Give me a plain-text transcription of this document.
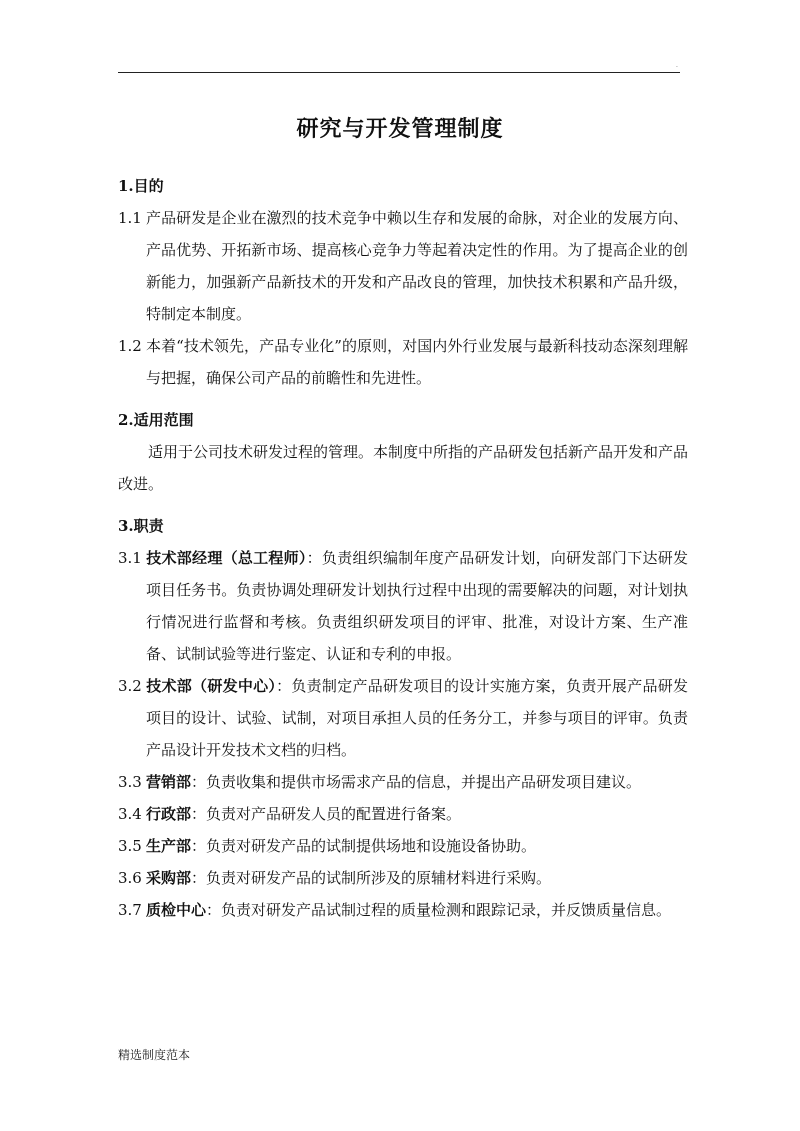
.
研究与开发管理制度
1.目的
1.1 产品研发是企业在激烈的技术竞争中赖以生存和发展的命脉，对企业的发展方向、产品优势、开拓新市场、提高核心竞争力等起着决定性的作用。为了提高企业的创新能力，加强新产品新技术的开发和产品改良的管理，加快技术积累和产品升级，特制定本制度。
1.2 本着“技术领先，产品专业化”的原则，对国内外行业发展与最新科技动态深刻理解与把握，确保公司产品的前瞻性和先进性。
2.适用范围
适用于公司技术研发过程的管理。本制度中所指的产品研发包括新产品开发和产品改进。
3.职责
3.1 技术部经理（总工程师）：负责组织编制年度产品研发计划，向研发部门下达研发项目任务书。负责协调处理研发计划执行过程中出现的需要解决的问题，对计划执行情况进行监督和考核。负责组织研发项目的评审、批准，对设计方案、生产准备、试制试验等进行鉴定、认证和专利的申报。
3.2 技术部（研发中心）：负责制定产品研发项目的设计实施方案，负责开展产品研发项目的设计、试验、试制，对项目承担人员的任务分工，并参与项目的评审。负责产品设计开发技术文档的归档。
3.3 营销部：负责收集和提供市场需求产品的信息，并提出产品研发项目建议。
3.4 行政部：负责对产品研发人员的配置进行备案。
3.5 生产部：负责对研发产品的试制提供场地和设施设备协助。
3.6 采购部：负责对研发产品的试制所涉及的原辅材料进行采购。
3.7 质检中心：负责对研发产品试制过程的质量检测和跟踪记录，并反馈质量信息。
精选制度范本
